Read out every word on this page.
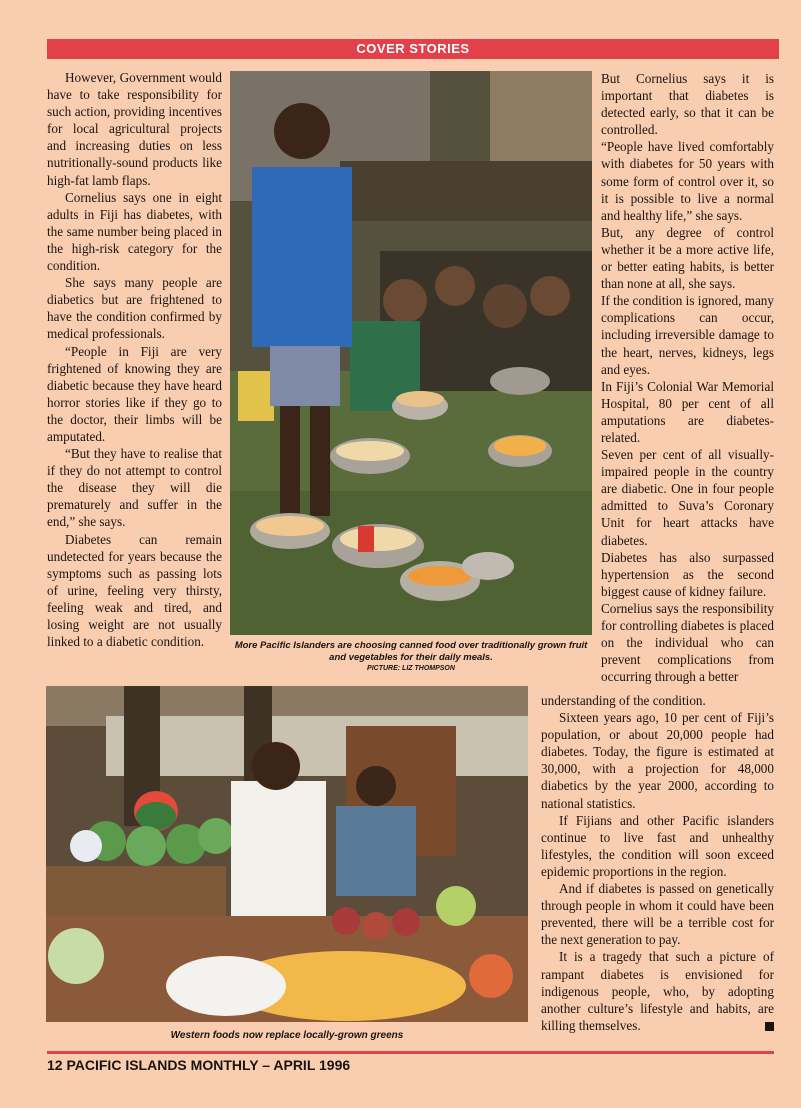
COVER STORIES

However, Government would have to take responsibility for such action, providing incentives for local agricultural projects and increasing duties on less nutritionally-sound products like high-fat lamb flaps.

Cornelius says one in eight adults in Fiji has diabetes, with the same number being placed in the high-risk category for the condition.

She says many people are diabetics but are frightened to have the condition confirmed by medical professionals.

“People in Fiji are very frightened of knowing they are diabetic because they have heard horror stories like if they go to the doctor, their limbs will be amputated.

“But they have to realise that if they do not attempt to control the disease they will die prematurely and suffer in the end,” she says.

Diabetes can remain undetected for years because the symptoms such as passing lots of urine, feeling very thirsty, feeling weak and tired, and losing weight are not usually linked to a diabetic condition.	More Pacific Islanders are choosing canned food over traditionally grown fruit and vegetables for their daily meals.
PICTURE: LIZ THOMPSON

But Cornelius says it is important that diabetes is detected early, so that it can be controlled.

“People have lived comfortably with diabetes for 50 years with some form of control over it, so it is possible to live a normal and healthy life,” she says.

But, any degree of control whether it be a more active life, or better eating habits, is better than none at all, she says.

If the condition is ignored, many complications can occur, including irreversible damage to the heart, nerves, kidneys, legs and eyes.

In Fiji’s Colonial War Memorial Hospital, 80 per cent of all amputations are diabetes-related.

Seven per cent of all visually-impaired people in the country are diabetic. One in four people admitted to Suva’s Coronary Unit for heart attacks have diabetes.

Diabetes has also surpassed hypertension as the second biggest cause of kidney failure.

Cornelius says the responsibility for controlling diabetes is placed on the individual who can prevent complications from occurring through a better

Western foods now replace locally-grown greens

understanding of the condition.

Sixteen years ago, 10 per cent of Fiji’s population, or about 20,000 people had diabetes. Today, the figure is estimated at 30,000, with a projection for 48,000 diabetics by the year 2000, according to national statistics.

If Fijians and other Pacific islanders continue to live fast and unhealthy lifestyles, the condition will soon exceed epidemic proportions in the region.

And if diabetes is passed on genetically through people in whom it could have been prevented, there will be a terrible cost for the next generation to pay.

It is a tragedy that such a picture of rampant diabetes is envisioned for indigenous people, who, by adopting another culture’s lifestyle and habits, are killing themselves.

12 PACIFIC ISLANDS MONTHLY – APRIL 1996
